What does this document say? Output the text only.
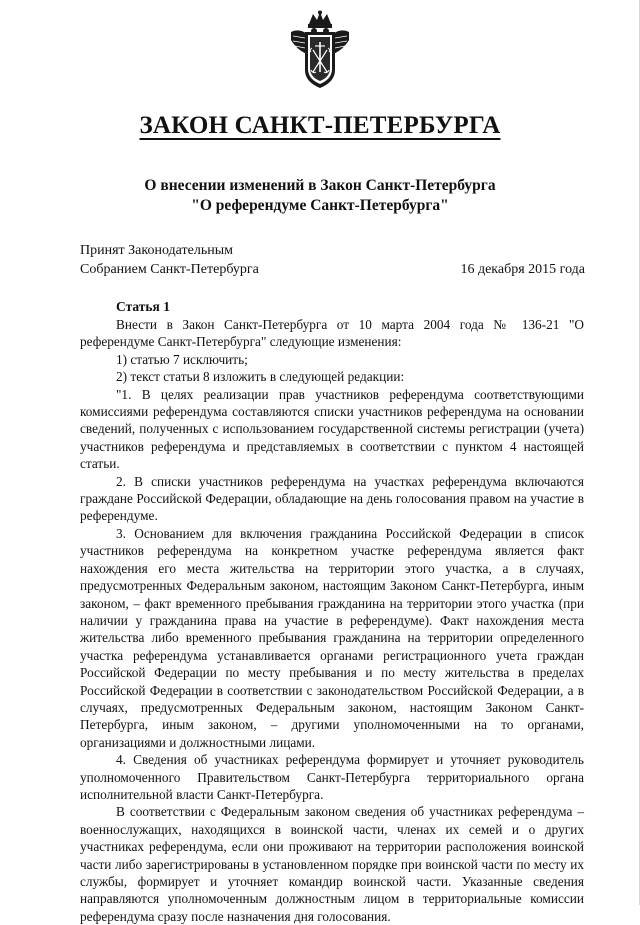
ЗАКОН САНКТ-ПЕТЕРБУРГА
О внесении изменений в Закон Санкт-Петербурга
"О референдуме Санкт-Петербурга"
Принят Законодательным
Собранием Санкт-Петербурга	16 декабря 2015 года
Статья 1

Внести в Закон Санкт-Петербурга от 10 марта 2004 года № 136-21 "О референдуме Санкт-Петербурга" следующие изменения:

1) статью 7 исключить;

2) текст статьи 8 изложить в следующей редакции:

"1. В целях реализации прав участников референдума соответствующими комиссиями референдума составляются списки участников референдума на основании сведений, полученных с использованием государственной системы регистрации (учета) участников референдума и представляемых в соответствии с пунктом 4 настоящей статьи.

2. В списки участников референдума на участках референдума включаются граждане Российской Федерации, обладающие на день голосования правом на участие в референдуме.

3. Основанием для включения гражданина Российской Федерации в список участников референдума на конкретном участке референдума является факт нахождения его места жительства на территории этого участка, а в случаях, предусмотренных Федеральным законом, настоящим Законом Санкт-Петербурга, иным законом, – факт временного пребывания гражданина на территории этого участка (при наличии у гражданина права на участие в референдуме). Факт нахождения места жительства либо временного пребывания гражданина на территории определенного участка референдума устанавливается органами регистрационного учета граждан Российской Федерации по месту пребывания и по месту жительства в пределах Российской Федерации в соответствии с законодательством Российской Федерации, а в случаях, предусмотренных Федеральным законом, настоящим Законом Санкт-Петербурга, иным законом, – другими уполномоченными на то органами, организациями и должностными лицами.

4. Сведения об участниках референдума формирует и уточняет руководитель уполномоченного Правительством Санкт-Петербурга территориального органа исполнительной власти Санкт-Петербурга.

В соответствии с Федеральным законом сведения об участниках референдума – военнослужащих, находящихся в воинской части, членах их семей и о других участниках референдума, если они проживают на территории расположения воинской части либо зарегистрированы в установленном порядке при воинской части по месту их службы, формирует и уточняет командир воинской части. Указанные сведения направляются уполномоченным должностным лицом в территориальные комиссии референдума сразу после назначения дня голосования.
